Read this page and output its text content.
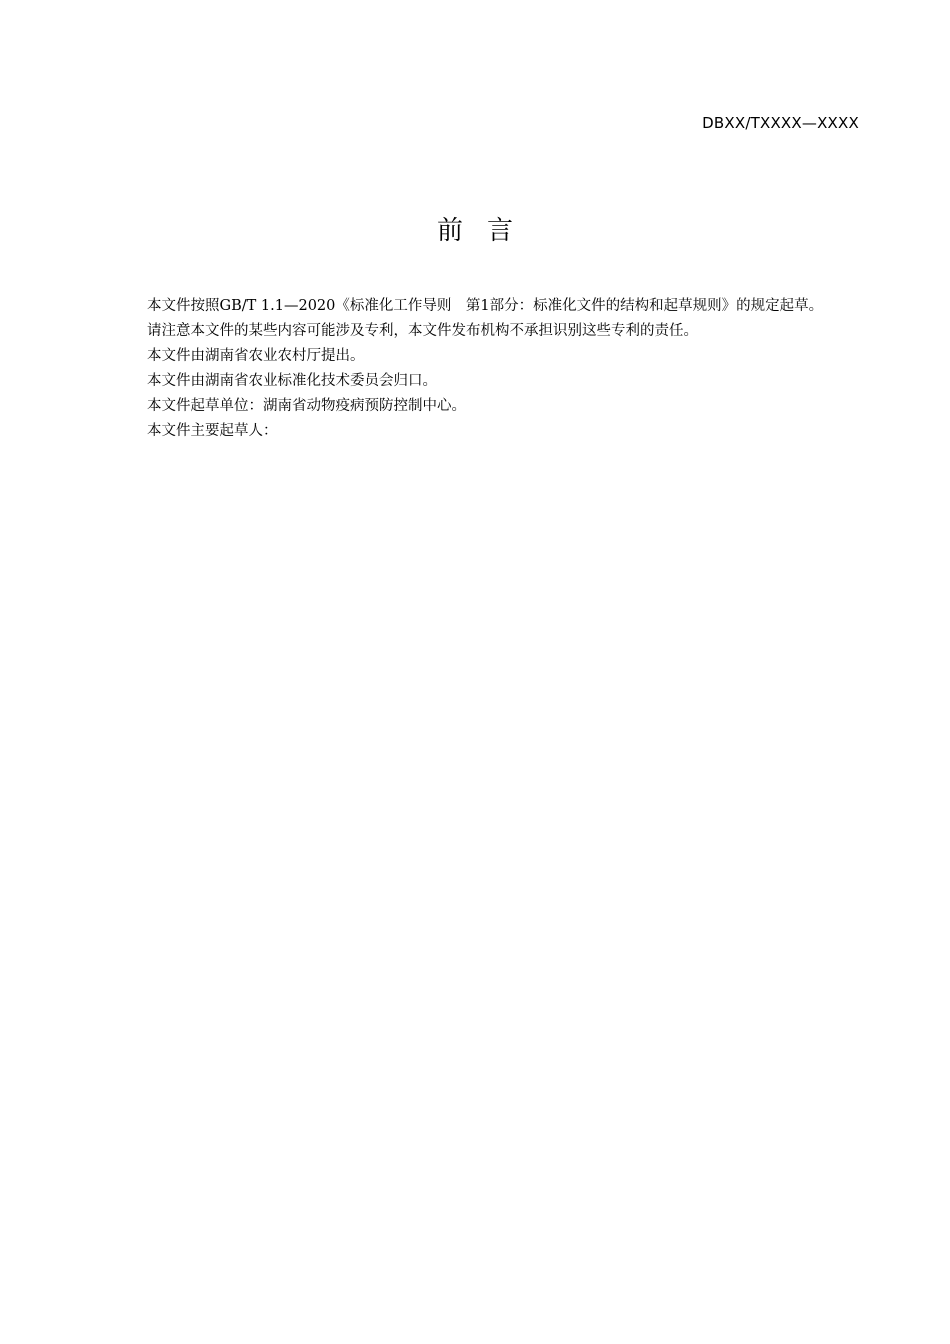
DBXX/TXXXX—XXXX
前言

本文件按照GB/T 1.1—2020《标准化工作导则　第1部分：标准化文件的结构和起草规则》的规定起草。

请注意本文件的某些内容可能涉及专利，本文件发布机构不承担识别这些专利的责任。

本文件由湖南省农业农村厅提出。

本文件由湖南省农业标准化技术委员会归口。

本文件起草单位：湖南省动物疫病预防控制中心。

本文件主要起草人：
